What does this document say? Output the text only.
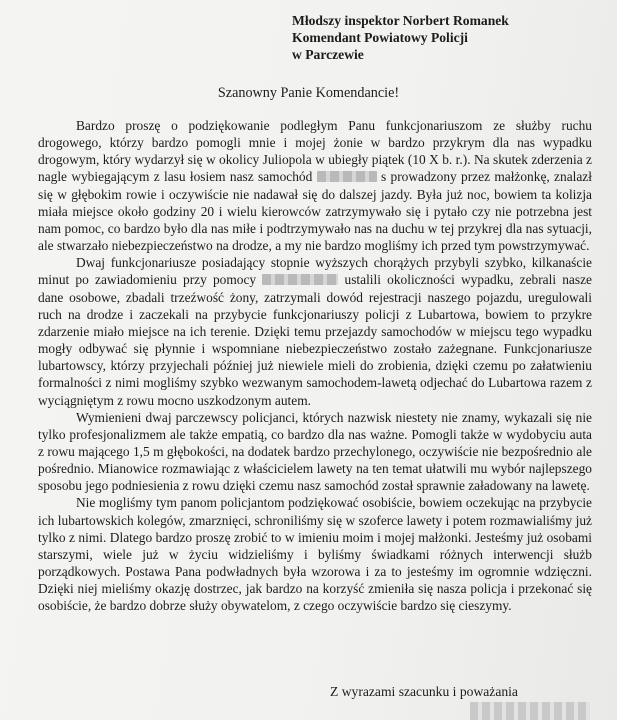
Młodszy inspektor Norbert Romanek
Komendant Powiatowy Policji
w Parczewie
Szanowny Panie Komendancie!

Bardzo proszę o podziękowanie podległym Panu funkcjonariuszom ze służby ruchu drogowego, którzy bardzo pomogli mnie i mojej żonie w bardzo przykrym dla nas wypadku drogowym, który wydarzył się w okolicy Juliopola w ubiegły piątek (10 X b. r.). Na skutek zderzenia z nagle wybiegającym z lasu łosiem nasz samochód	s prowadzony przez małżonkę, znalazł się w głębokim rowie i oczywiście nie nadawał się do dalszej jazdy. Była już noc, bowiem ta kolizja miała miejsce około godziny 20 i wielu kierowców zatrzymywało się i pytało czy nie potrzebna jest nam pomoc, co bardzo było dla nas miłe i podtrzymywało nas na duchu w tej przykrej dla nas sytuacji, ale stwarzało niebezpieczeństwo na drodze, a my nie bardzo mogliśmy ich przed tym powstrzymywać.

Dwaj funkcjonariusze posiadający stopnie wyższych chorążych przybyli szybko, kilkanaście minut po zawiadomieniu przy pomocy	ustalili okoliczności wypadku, zebrali nasze dane osobowe, zbadali trzeźwość żony, zatrzymali dowód rejestracji naszego pojazdu, uregulowali ruch na drodze i zaczekali na przybycie funkcjonariuszy policji z Lubartowa, bowiem to przykre zdarzenie miało miejsce na ich terenie. Dzięki temu przejazdy samochodów w miejscu tego wypadku mogły odbywać się płynnie i wspomniane niebezpieczeństwo zostało zażegnane. Funkcjonariusze lubartowscy, którzy przyjechali później już niewiele mieli do zrobienia, dzięki czemu po załatwieniu formalności z nimi mogliśmy szybko wezwanym samochodem-lawetą odjechać do Lubartowa razem z wyciągniętym z rowu mocno uszkodzonym autem.

Wymienieni dwaj parczewscy policjanci, których nazwisk niestety nie znamy, wykazali się nie tylko profesjonalizmem ale także empatią, co bardzo dla nas ważne. Pomogli także w wydobyciu auta z rowu mającego 1,5 m głębokości, na dodatek bardzo przechylonego, oczywiście nie bezpośrednio ale pośrednio. Mianowice rozmawiając z właścicielem lawety na ten temat ułatwili mu wybór najlepszego sposobu jego podniesienia z rowu dzięki czemu nasz samochód został sprawnie załadowany na lawetę.

Nie mogliśmy tym panom policjantom podziękować osobiście, bowiem oczekując na przybycie ich lubartowskich kolegów, zmarznięci, schroniliśmy się w szoferce lawety i potem rozmawialiśmy już tylko z nimi. Dlatego bardzo proszę zrobić to w imieniu moim i mojej małżonki. Jesteśmy już osobami starszymi, wiele już w życiu widzieliśmy i byliśmy świadkami różnych interwencji służb porządkowych. Postawa Pana podwładnych była wzorowa i za to jesteśmy im ogromnie wdzięczni. Dzięki niej mieliśmy okazję dostrzec, jak bardzo na korzyść zmieniła się nasza policja i przekonać się osobiście, że bardzo dobrze służy obywatelom, z czego oczywiście bardzo się cieszymy.

Z wyrazami szacunku i poważania
